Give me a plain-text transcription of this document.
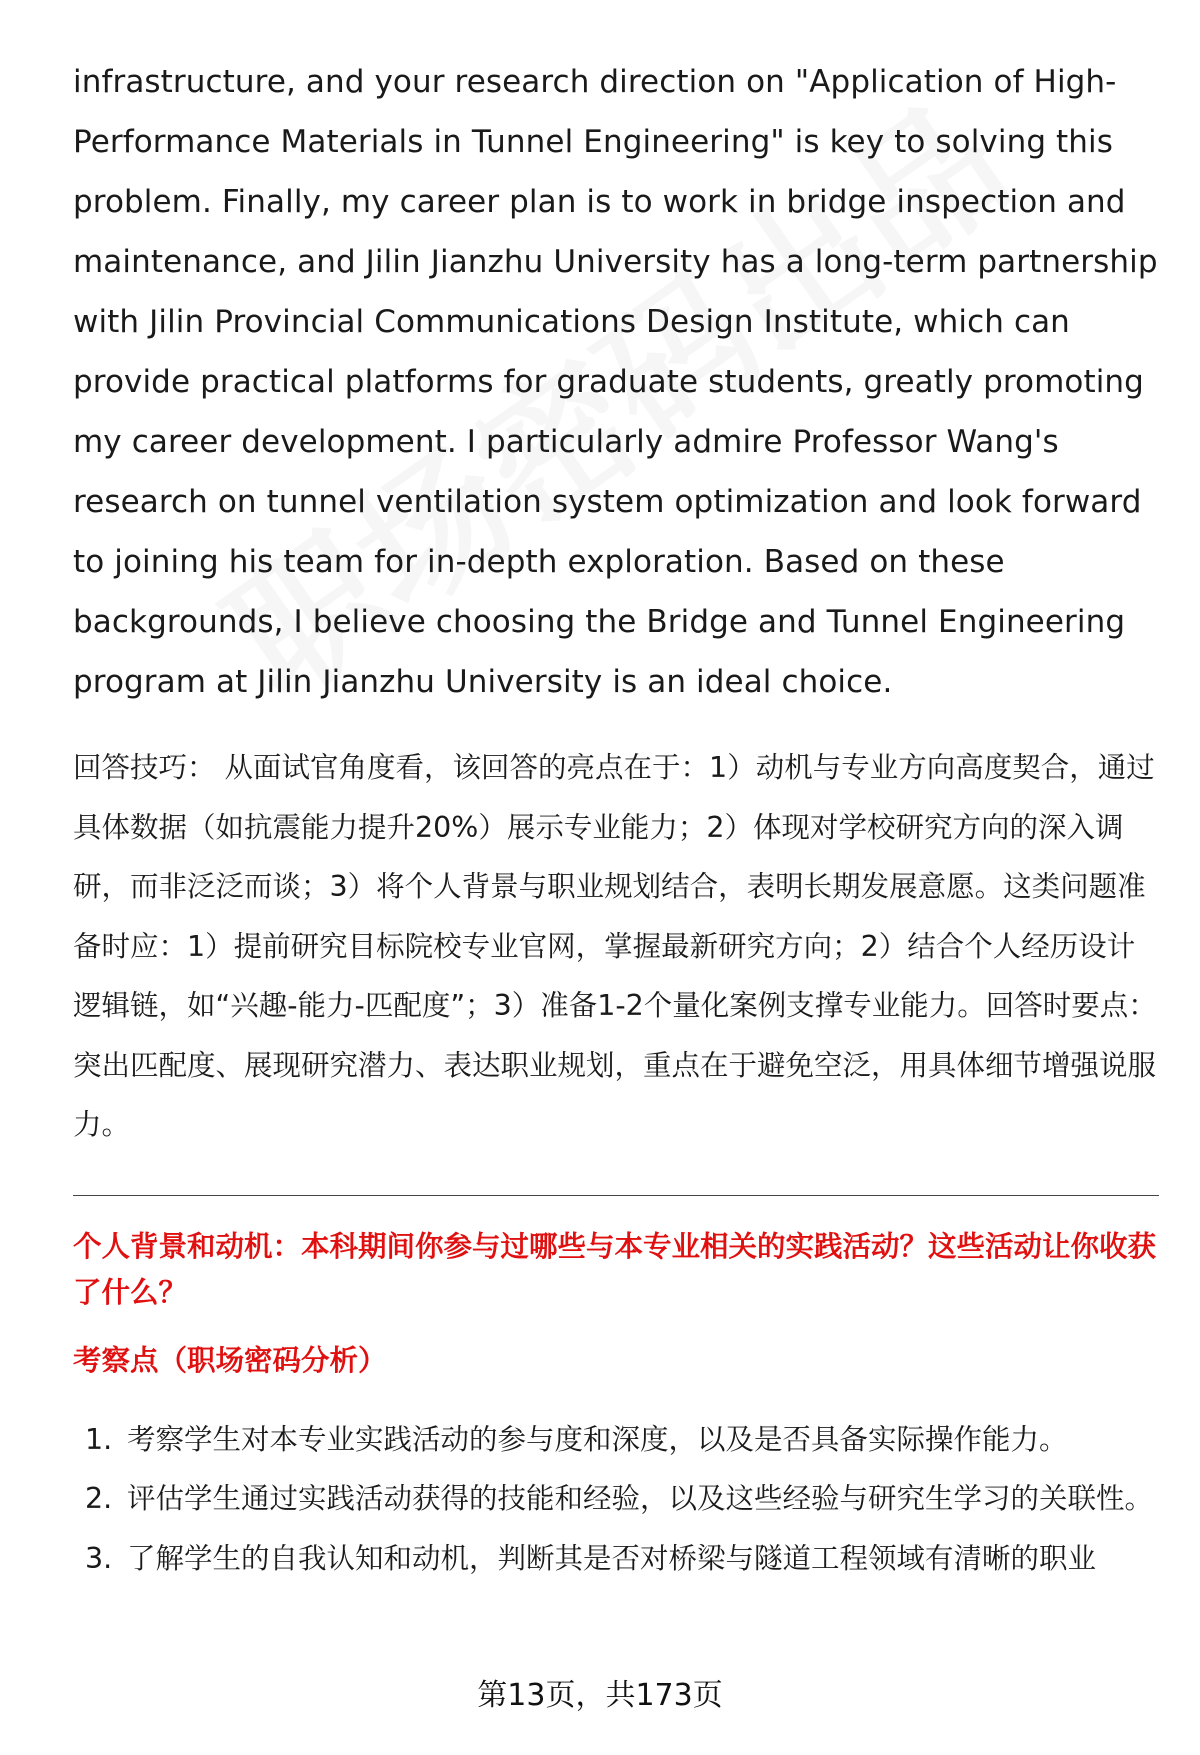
infrastructure, and your research direction on "Application of High-Performance Materials in Tunnel Engineering" is key to solving this problem. Finally, my career plan is to work in bridge inspection and maintenance, and Jilin Jianzhu University has a long-term partnership with Jilin Provincial Communications Design Institute, which can provide practical platforms for graduate students, greatly promoting my career development. I particularly admire Professor Wang's research on tunnel ventilation system optimization and look forward to joining his team for in-depth exploration. Based on these backgrounds, I believe choosing the Bridge and Tunnel Engineering program at Jilin Jianzhu University is an ideal choice.

回答技巧： 从面试官角度看，该回答的亮点在于：1）动机与专业方向高度契合，通过具体数据（如抗震能力提升20%）展示专业能力；2）体现对学校研究方向的深入调研，而非泛泛而谈；3）将个人背景与职业规划结合，表明长期发展意愿。这类问题准备时应：1）提前研究目标院校专业官网，掌握最新研究方向；2）结合个人经历设计逻辑链，如“兴趣-能力-匹配度”；3）准备1-2个量化案例支撑专业能力。回答时要点：突出匹配度、展现研究潜力、表达职业规划，重点在于避免空泛，用具体细节增强说服力。

个人背景和动机：本科期间你参与过哪些与本专业相关的实践活动？这些活动让你收获了什么？
考察点（职场密码分析）
1. 考察学生对本专业实践活动的参与度和深度，以及是否具备实际操作能力。
2. 评估学生通过实践活动获得的技能和经验，以及这些经验与研究生学习的关联性。
3. 了解学生的自我认知和动机，判断其是否对桥梁与隧道工程领域有清晰的职业
第13页，共173页
